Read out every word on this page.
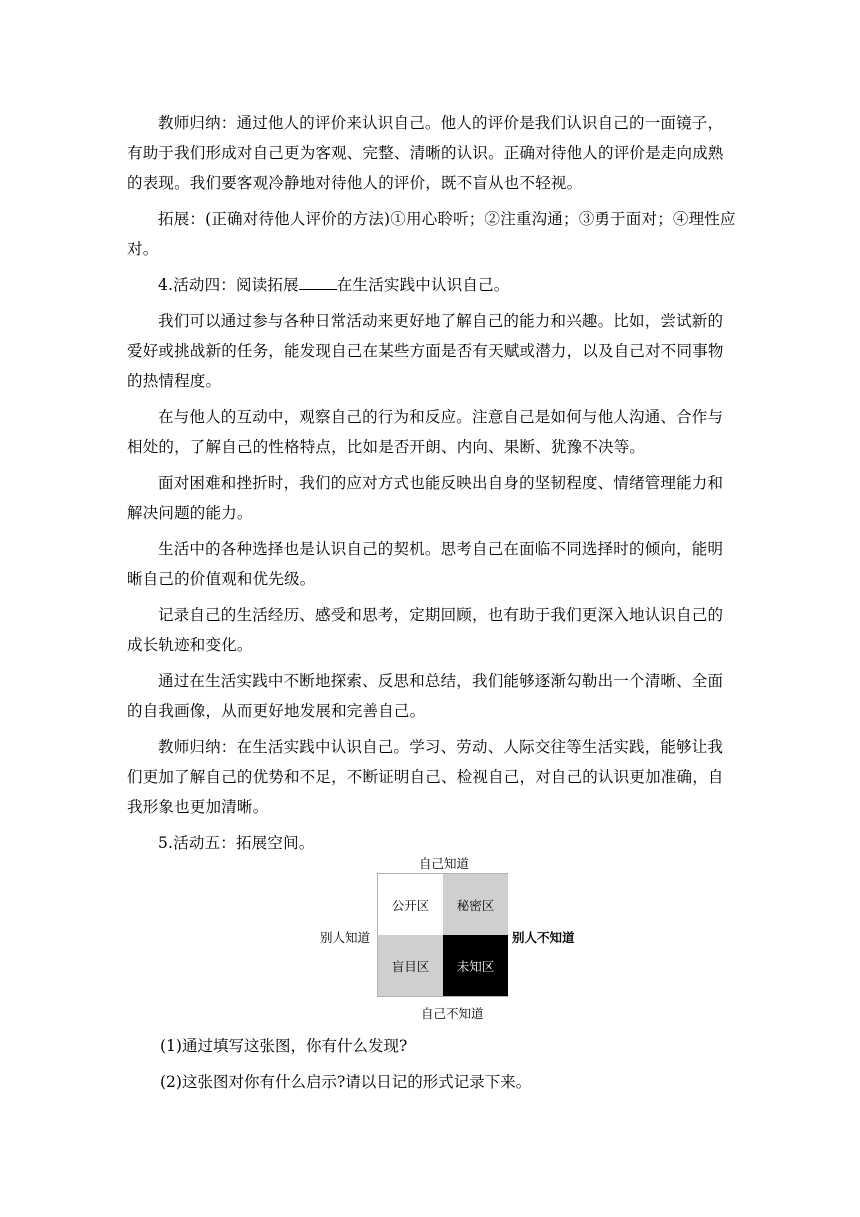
教师归纳：通过他人的评价来认识自己。他人的评价是我们认识自己的一面镜子，有助于我们形成对自己更为客观、完整、清晰的认识。正确对待他人的评价是走向成熟的表现。我们要客观冷静地对待他人的评价，既不盲从也不轻视。

拓展：(正确对待他人评价的方法)①用心聆听；②注重沟通；③勇于面对；④理性应对。

4.活动四：阅读拓展 在生活实践中认识自己。

我们可以通过参与各种日常活动来更好地了解自己的能力和兴趣。比如，尝试新的爱好或挑战新的任务，能发现自己在某些方面是否有天赋或潜力，以及自己对不同事物的热情程度。

在与他人的互动中，观察自己的行为和反应。注意自己是如何与他人沟通、合作与相处的，了解自己的性格特点，比如是否开朗、内向、果断、犹豫不决等。

面对困难和挫折时，我们的应对方式也能反映出自身的坚韧程度、情绪管理能力和解决问题的能力。

生活中的各种选择也是认识自己的契机。思考自己在面临不同选择时的倾向，能明晰自己的价值观和优先级。

记录自己的生活经历、感受和思考，定期回顾，也有助于我们更深入地认识自己的成长轨迹和变化。

通过在生活实践中不断地探索、反思和总结，我们能够逐渐勾勒出一个清晰、全面的自我画像，从而更好地发展和完善自己。

教师归纳：在生活实践中认识自己。学习、劳动、人际交往等生活实践，能够让我们更加了解自己的优势和不足，不断证明自己、检视自己，对自己的认识更加准确，自我形象也更加清晰。

5.活动五：拓展空间。

自己知道
别人知道	别人不知道
公开区	秘密区
盲目区	未知区
自己不知道
(1)通过填写这张图，你有什么发现?
(2)这张图对你有什么启示?请以日记的形式记录下来。
